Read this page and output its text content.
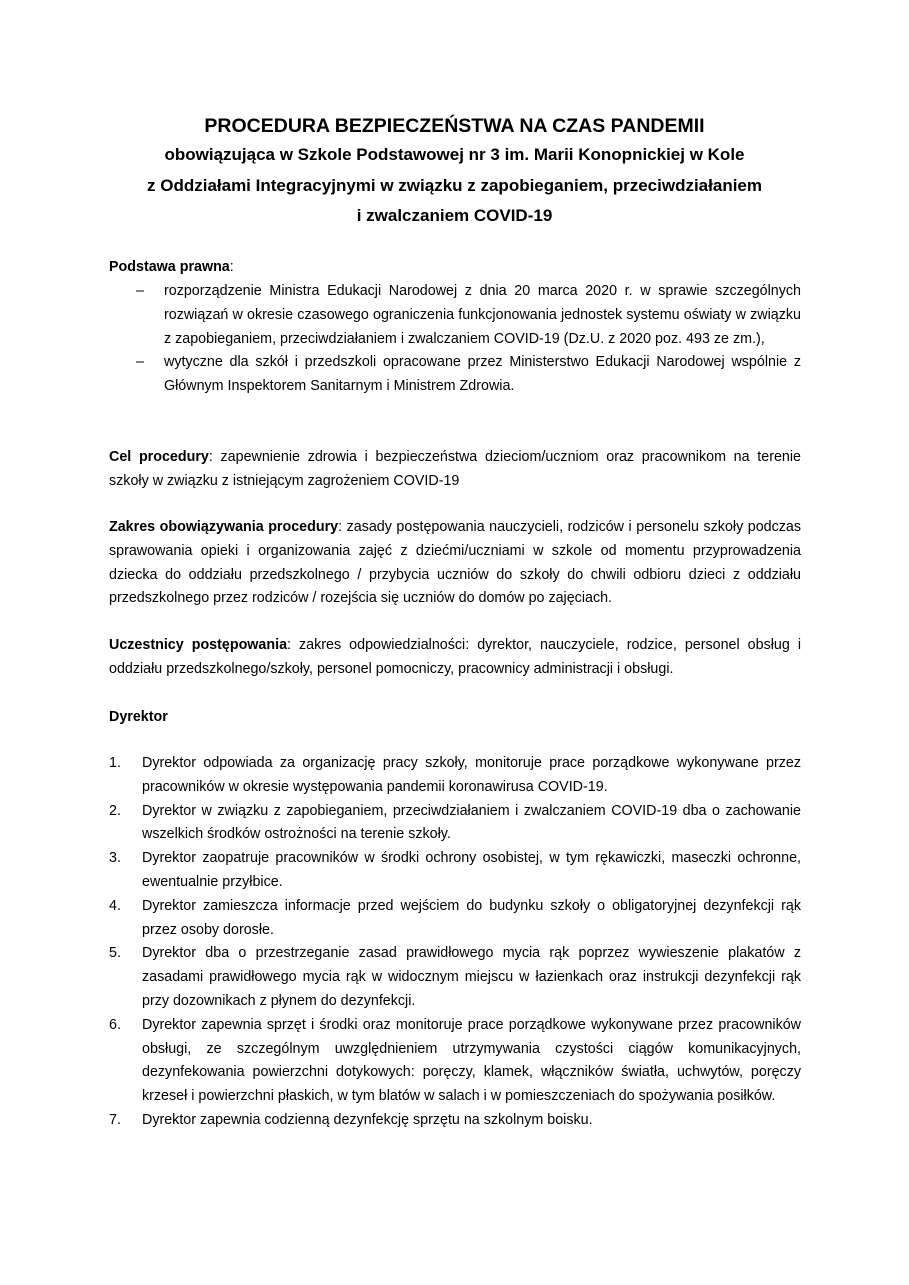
PROCEDURA BEZPIECZEŃSTWA NA CZAS PANDEMII
obowiązująca w Szkole Podstawowej nr 3 im. Marii Konopnickiej w Kole
z Oddziałami Integracyjnymi w związku z zapobieganiem, przeciwdziałaniem
i zwalczaniem COVID-19
Podstawa prawna:
– rozporządzenie Ministra Edukacji Narodowej z dnia 20 marca 2020 r. w sprawie szczególnych rozwiązań w okresie czasowego ograniczenia funkcjonowania jednostek systemu oświaty w związku z zapobieganiem, przeciwdziałaniem i zwalczaniem COVID-19 (Dz.U. z 2020 poz. 493 ze zm.),
– wytyczne dla szkół i przedszkoli opracowane przez Ministerstwo Edukacji Narodowej wspólnie z Głównym Inspektorem Sanitarnym i Ministrem Zdrowia.
Cel procedury: zapewnienie zdrowia i bezpieczeństwa dzieciom/uczniom oraz pracownikom na terenie szkoły w związku z istniejącym zagrożeniem COVID-19
Zakres obowiązywania procedury: zasady postępowania nauczycieli, rodziców i personelu szkoły podczas sprawowania opieki i organizowania zajęć z dziećmi/uczniami w szkole od momentu przyprowadzenia dziecka do oddziału przedszkolnego / przybycia uczniów do szkoły do chwili odbioru dzieci z oddziału przedszkolnego przez rodziców / rozejścia się uczniów do domów po zajęciach.
Uczestnicy postępowania: zakres odpowiedzialności: dyrektor, nauczyciele, rodzice, personel obsług i oddziału przedszkolnego/szkoły, personel pomocniczy, pracownicy administracji i obsługi.
Dyrektor
1. Dyrektor odpowiada za organizację pracy szkoły, monitoruje prace porządkowe wykonywane przez pracowników w okresie występowania pandemii koronawirusa COVID-19.
2. Dyrektor w związku z zapobieganiem, przeciwdziałaniem i zwalczaniem COVID-19 dba o zachowanie wszelkich środków ostrożności na terenie szkoły.
3. Dyrektor zaopatruje pracowników w środki ochrony osobistej, w tym rękawiczki, maseczki ochronne, ewentualnie przyłbice.
4. Dyrektor zamieszcza informacje przed wejściem do budynku szkoły o obligatoryjnej dezynfekcji rąk przez osoby dorosłe.
5. Dyrektor dba o przestrzeganie zasad prawidłowego mycia rąk poprzez wywieszenie plakatów z zasadami prawidłowego mycia rąk w widocznym miejscu w łazienkach oraz instrukcji dezynfekcji rąk przy dozownikach z płynem do dezynfekcji.
6. Dyrektor zapewnia sprzęt i środki oraz monitoruje prace porządkowe wykonywane przez pracowników obsługi, ze szczególnym uwzględnieniem utrzymywania czystości ciągów komunikacyjnych, dezynfekowania powierzchni dotykowych: poręczy, klamek, włączników światła, uchwytów, poręczy krzeseł i powierzchni płaskich, w tym blatów w salach i w pomieszczeniach do spożywania posiłków.
7. Dyrektor zapewnia codzienną dezynfekcję sprzętu na szkolnym boisku.
